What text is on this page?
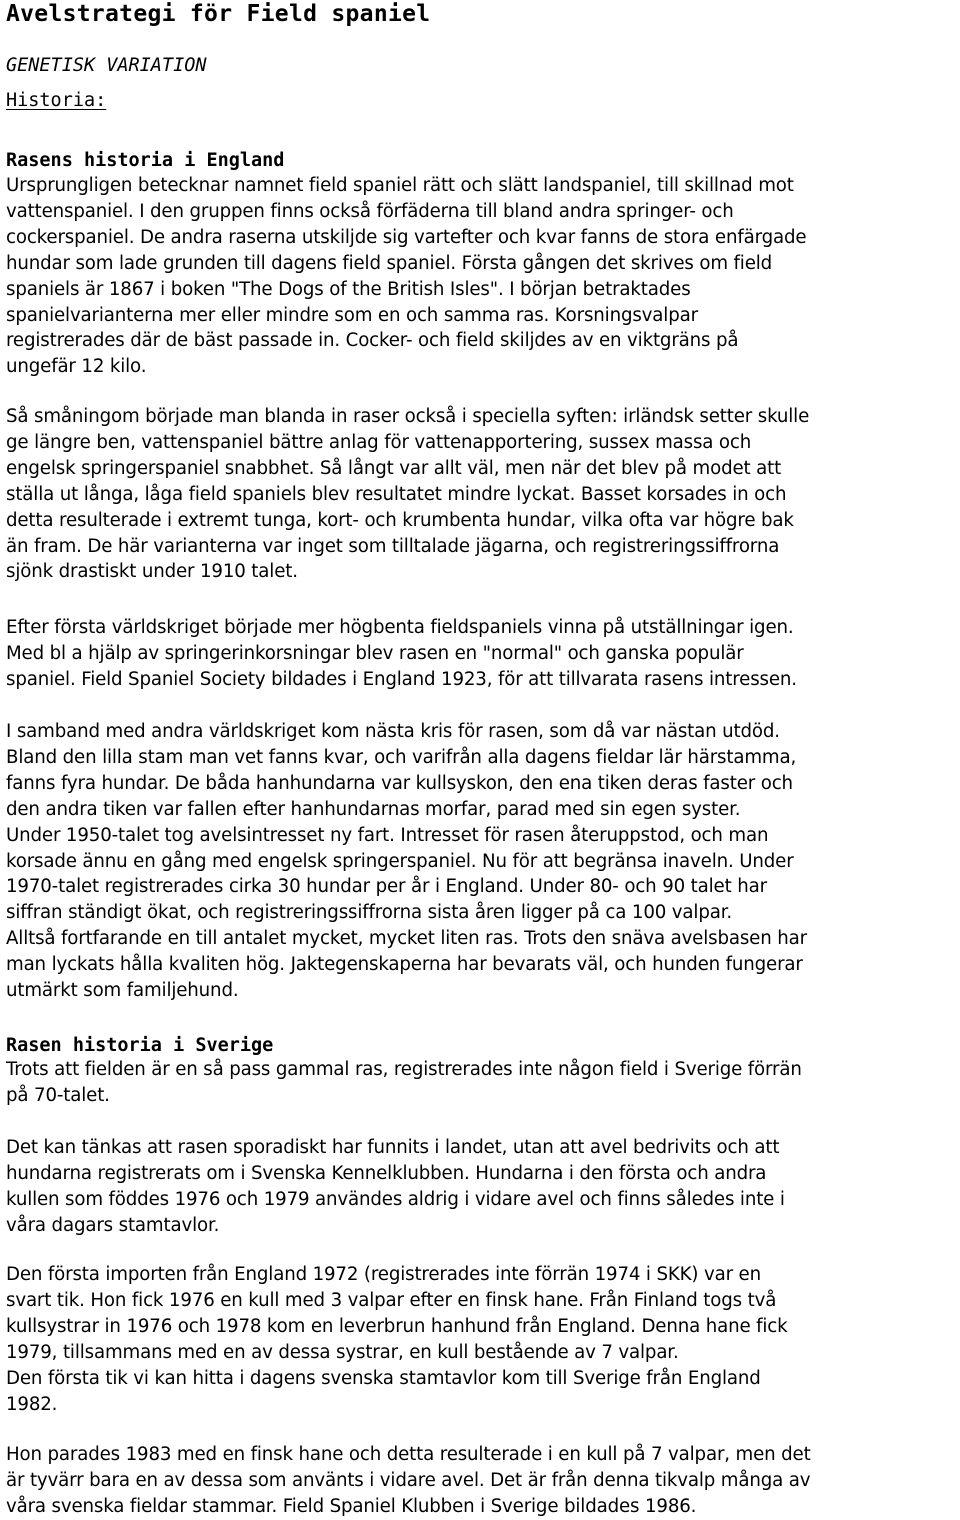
Avelstrategi för Field spaniel

GENETISK VARIATION

Historia:

Rasens historia i England
Ursprungligen betecknar namnet field spaniel rätt och slätt landspaniel, till skillnad mot
vattenspaniel. I den gruppen finns också förfäderna till bland andra springer- och
cockerspaniel. De andra raserna utskiljde sig vartefter och kvar fanns de stora enfärgade
hundar som lade grunden till dagens field spaniel. Första gången det skrives om field
spaniels är 1867 i boken "The Dogs of the British Isles". I början betraktades
spanielvarianterna mer eller mindre som en och samma ras. Korsningsvalpar
registrerades där de bäst passade in. Cocker- och field skiljdes av en viktgräns på
ungefär 12 kilo.
Så småningom började man blanda in raser också i speciella syften: irländsk setter skulle
ge längre ben, vattenspaniel bättre anlag för vattenapportering, sussex massa och
engelsk springerspaniel snabbhet. Så långt var allt väl, men när det blev på modet att
ställa ut långa, låga field spaniels blev resultatet mindre lyckat. Basset korsades in och
detta resulterade i extremt tunga, kort- och krumbenta hundar, vilka ofta var högre bak
än fram. De här varianterna var inget som tilltalade jägarna, och registreringssiffrorna
sjönk drastiskt under 1910 talet.
Efter första världskriget började mer högbenta fieldspaniels vinna på utställningar igen.
Med bl a hjälp av springerinkorsningar blev rasen en "normal" och ganska populär
spaniel. Field Spaniel Society bildades i England 1923, för att tillvarata rasens intressen.
I samband med andra världskriget kom nästa kris för rasen, som då var nästan utdöd.
Bland den lilla stam man vet fanns kvar, och varifrån alla dagens fieldar lär härstamma,
fanns fyra hundar. De båda hanhundarna var kullsyskon, den ena tiken deras faster och
den andra tiken var fallen efter hanhundarnas morfar, parad med sin egen syster.
Under 1950-talet tog avelsintresset ny fart. Intresset för rasen återuppstod, och man
korsade ännu en gång med engelsk springerspaniel. Nu för att begränsa inaveln. Under
1970-talet registrerades cirka 30 hundar per år i England. Under 80- och 90 talet har
siffran ständigt ökat, och registreringssiffrorna sista åren ligger på ca 100 valpar.
Alltså fortfarande en till antalet mycket, mycket liten ras. Trots den snäva avelsbasen har
man lyckats hålla kvaliten hög. Jaktegenskaperna har bevarats väl, och hunden fungerar
utmärkt som familjehund.
Rasen historia i Sverige
Trots att fielden är en så pass gammal ras, registrerades inte någon field i Sverige förrän
på 70-talet.
Det kan tänkas att rasen sporadiskt har funnits i landet, utan att avel bedrivits och att
hundarna registrerats om i Svenska Kennelklubben. Hundarna i den första och andra
kullen som föddes 1976 och 1979 användes aldrig i vidare avel och finns således inte i
våra dagars stamtavlor.
Den första importen från England 1972 (registrerades inte förrän 1974 i SKK) var en
svart tik. Hon fick 1976 en kull med 3 valpar efter en finsk hane. Från Finland togs två
kullsystrar in 1976 och 1978 kom en leverbrun hanhund från England. Denna hane fick
1979, tillsammans med en av dessa systrar, en kull bestående av 7 valpar.
Den första tik vi kan hitta i dagens svenska stamtavlor kom till Sverige från England
1982.
Hon parades 1983 med en finsk hane och detta resulterade i en kull på 7 valpar, men det
är tyvärr bara en av dessa som använts i vidare avel. Det är från denna tikvalp många av
våra svenska fieldar stammar. Field Spaniel Klubben i Sverige bildades 1986.
